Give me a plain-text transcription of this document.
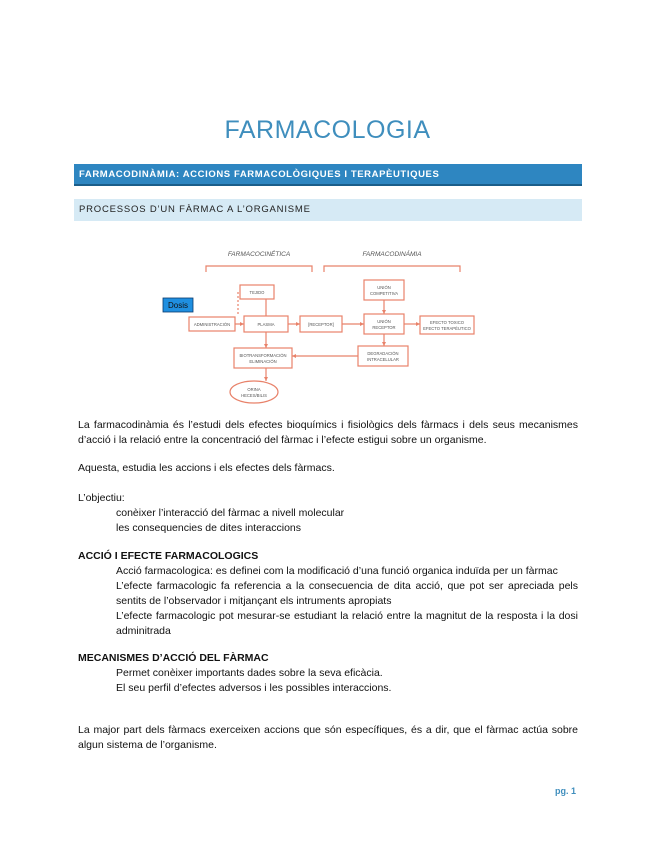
FARMACOLOGIA
FARMACODINÀMIA: ACCIONS FARMACOLÒGIQUES I TERAPÈUTIQUES
PROCESSOS D’UN FÀRMAC A L’ORGANISME
FARMACOCINÉTICA	FARMACODINÁMIA
Dosis
TEJIDO
ADMINISTRACIÓN	PLASMA	[RECEPTOR]
UNIÓN
COMPETITIVA
UNIÓN
RECEPTOR
EFECTO TOXICO
EFECTO TERAPÉUTICO
BIOTRANSFORMACIÓN
ELIMINACIÓN
DEGRADACIÓN
INTRACELULAR
ORINA
HECES/BILIS
La farmacodinàmia és l’estudi dels efectes bioquímics i fisiològics dels fàrmacs i dels seus mecanismes d’acció i la relació entre la concentració del fàrmac i l’efecte estigui sobre un organisme.
Aquesta, estudia les accions i els efectes dels fàrmacs.

L’objectiu:

conèixer l’interacció del fàrmac a nivell molecular

les consequencies de dites interaccions

ACCIÓ I EFECTE FARMACOLOGICS

Acció farmacologica: es definei com la modificació d’una funció organica induïda per un fàrmac

L’efecte farmacologic fa referencia a la consecuencia de dita acció, que pot ser apreciada pels sentits de l’observador i mitjançant els intruments apropiats

L’efecte farmacologic pot mesurar-se estudiant la relació entre la magnitut de la resposta i la dosi adminitrada

MECANISMES D’ACCIÓ DEL FÀRMAC

Permet conèixer importants dades sobre la seva eficàcia.

El seu perfil d’efectes adversos i les possibles interaccions.

La major part dels fàrmacs exerceixen accions que són específiques, és a dir, que el fàrmac actúa sobre algun sistema de l’organisme.
pg. 1
